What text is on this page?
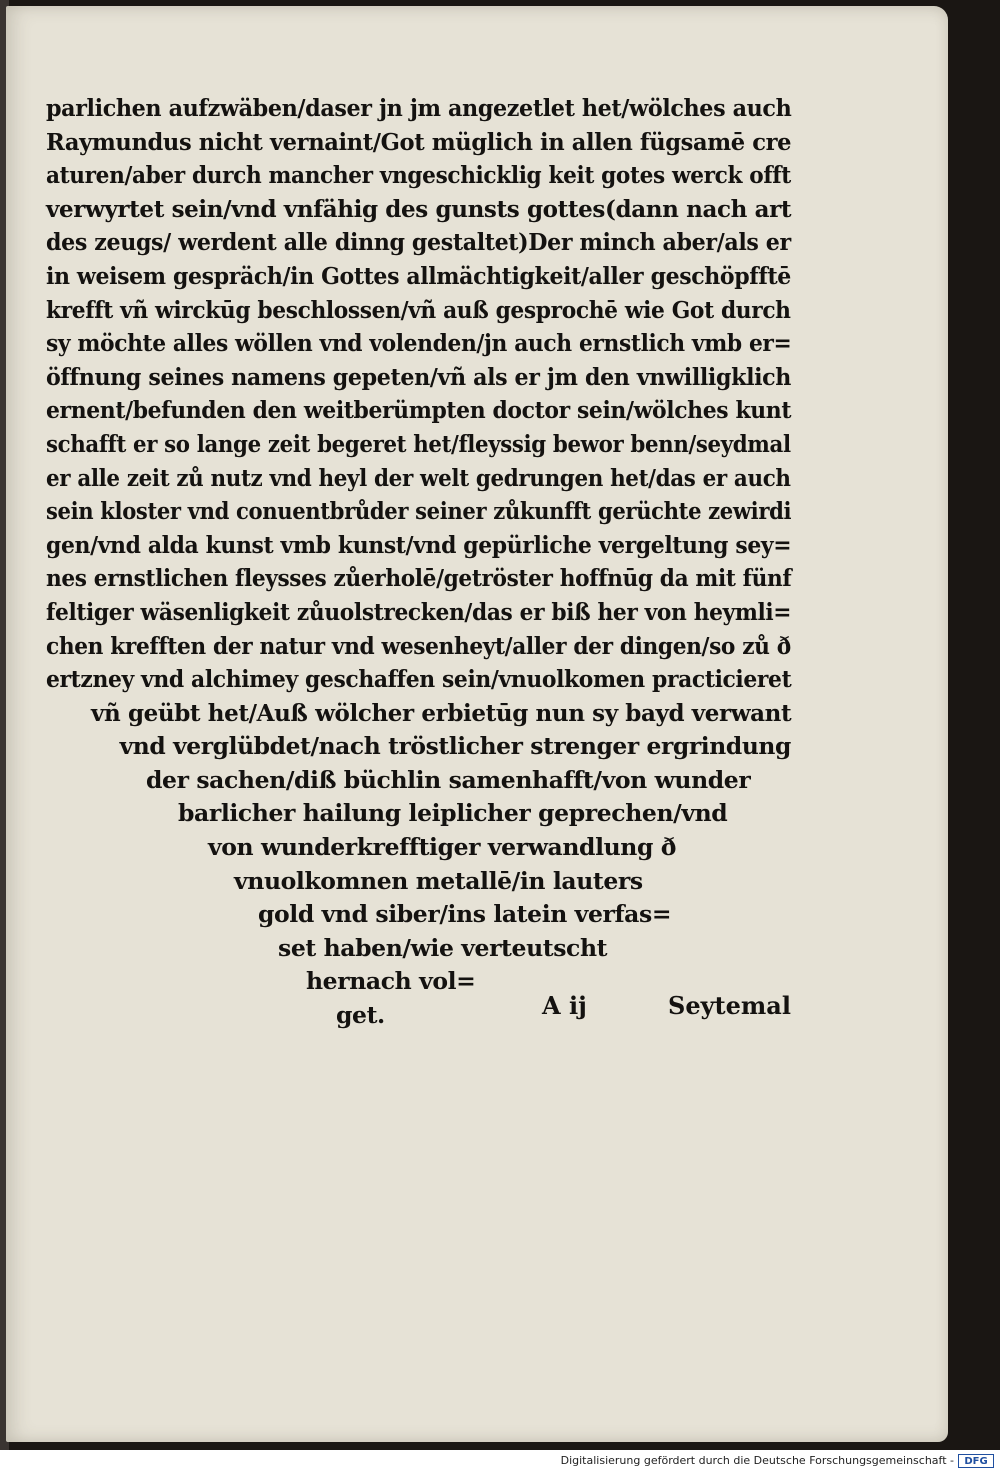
parlichen aufzwäben/daser jn jm angezetlet het/wölches auch
Raymundus nicht vernaint/Got müglich in allen fügsamē cre
aturen/aber durch mancher vngeschicklig keit gotes werck offt
verwyrtet sein/vnd vnfähig des gunsts gottes(dann nach art
des zeugs/ werdent alle dinng gestaltet)Der minch aber/als er
in weisem gespräch/in Gottes allmächtigkeit/aller geschöpfftē
krefft vñ wirckūg beschlossen/vñ auß gesprochē wie Got durch
sy möchte alles wöllen vnd volenden/jn auch ernstlich vmb er=
öffnung seines namens gepeten/vñ als er jm den vnwilligklich
ernent/befunden den weitberümpten doctor sein/wölches kunt
schafft er so lange zeit begeret het/fleyssig bewor benn/seydmal
er alle zeit zů nutz vnd heyl der welt gedrungen het/das er auch
sein kloster vnd conuentbrůder seiner zůkunfft gerüchte zewirdi
gen/vnd alda kunst vmb kunst/vnd gepürliche vergeltung sey=
nes ernstlichen fleysses zůerholē/getröster hoffnūg da mit fünf
feltiger wäsenligkeit zůuolstrecken/das er biß her von heymli=
chen krefften der natur vnd wesenheyt/aller der dingen/so zů ð
ertzney vnd alchimey geschaffen sein/vnuolkomen practicieret
vñ geübt het/Auß wölcher erbietūg nun sy bayd verwant
vnd verglübdet/nach tröstlicher strenger ergrindung
der sachen/diß büchlin samenhafft/von wunder
barlicher hailung leiplicher geprechen/vnd
von wunderkrefftiger verwandlung ð
vnuolkomnen metallē/in lauters
gold vnd siber/ins latein verfas=
set haben/wie verteutscht
hernach vol=
get.	A ij	Seytemal
Digitalisierung gefördert durch die Deutsche Forschungsgemeinschaft -	DFG
